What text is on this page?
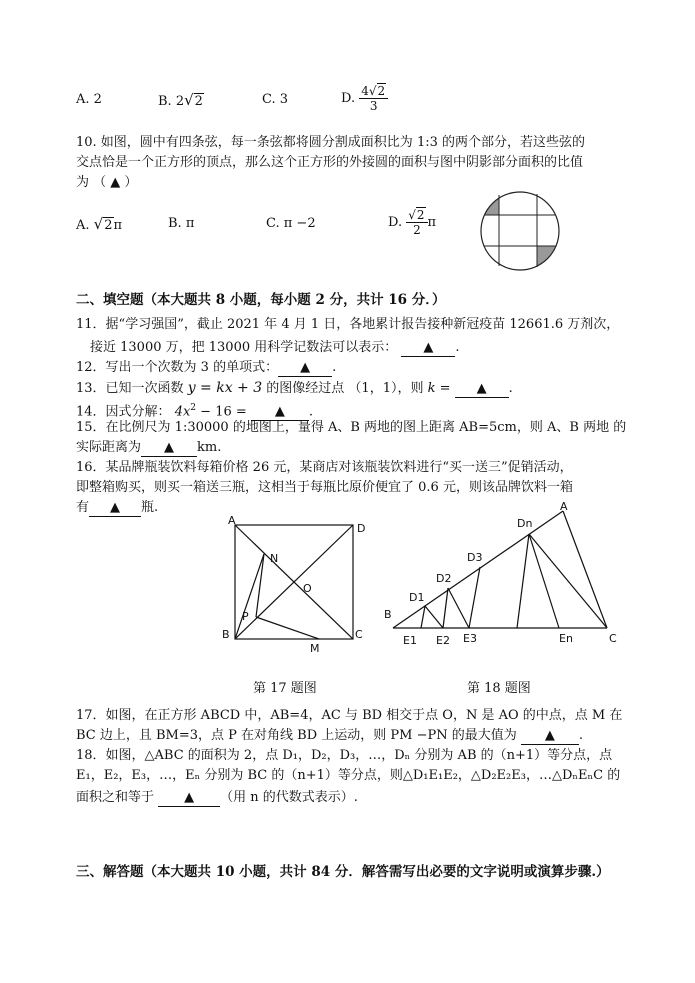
A. 2	B. 2√2	C. 3	D. $\frac{4√2}{3}$
10. 如图，圆中有四条弦，每一条弦都将圆分割成面积比为 1:3 的两个部分，若这些弦的
交点恰是一个正方形的顶点，那么这个正方形的外接圆的面积与图中阴影部分面积的比值
为 （ ▲ ）
A. √2π	B. π	C. π −2	D. $\frac{√2}{2}$ π
二、填空题（本大题共 8 小题，每小题 2 分，共计 16 分．）
11．据“学习强国”，截止 2021 年 4 月 1 日，各地累计报告接种新冠疫苗 12661.6 万剂次，
接近 13000 万，把 13000 用科学记数法可以表示： ▲ .
12．写出一个次数为 3 的单项式： ▲ .
13．已知一次函数 y = kx + 3 的图像经过点 （1，1），则 k = ▲ .
14．因式分解： $4x^2 - 16$ = ▲ .
15．在比例尺为 1:30000 的地图上，量得 A、B 两地的图上距离 AB=5cm，则 A、B 两地 的
实际距离为 ▲ km.
16．某品牌瓶装饮料每箱价格 26 元，某商店对该瓶装饮料进行“买一送三”促销活动，
即整箱购买，则买一箱送三瓶，这相当于每瓶比原价便宜了 0.6 元，则该品牌饮料一箱
有 ▲ 瓶.
A
D
B	C
N
O
P
M
A
Dn
D3
D2
D1
B
C
E1 E2 E3	En
第 17 题图	第 18 题图
17．如图，在正方形 ABCD 中，AB=4，AC 与 BD 相交于点 O，N 是 AO 的中点，点 M 在
BC 边上，且 BM=3，点 P 在对角线 BD 上运动，则 PM −PN 的最大值为 ▲ .
18．如图，△ABC 的面积为 2，点 D₁，D₂，D₃，…，Dₙ 分别为 AB 的（n+1）等分点，点
E₁，E₂，E₃，…，Eₙ 分别为 BC 的（n+1）等分点，则△D₁E₁E₂，△D₂E₂E₃，…△DₙEₙC 的
面积之和等于 ▲ （用 n 的代数式表示）.
三、解答题（本大题共 10 小题，共计 84 分．解答需写出必要的文字说明或演算步骤.）
